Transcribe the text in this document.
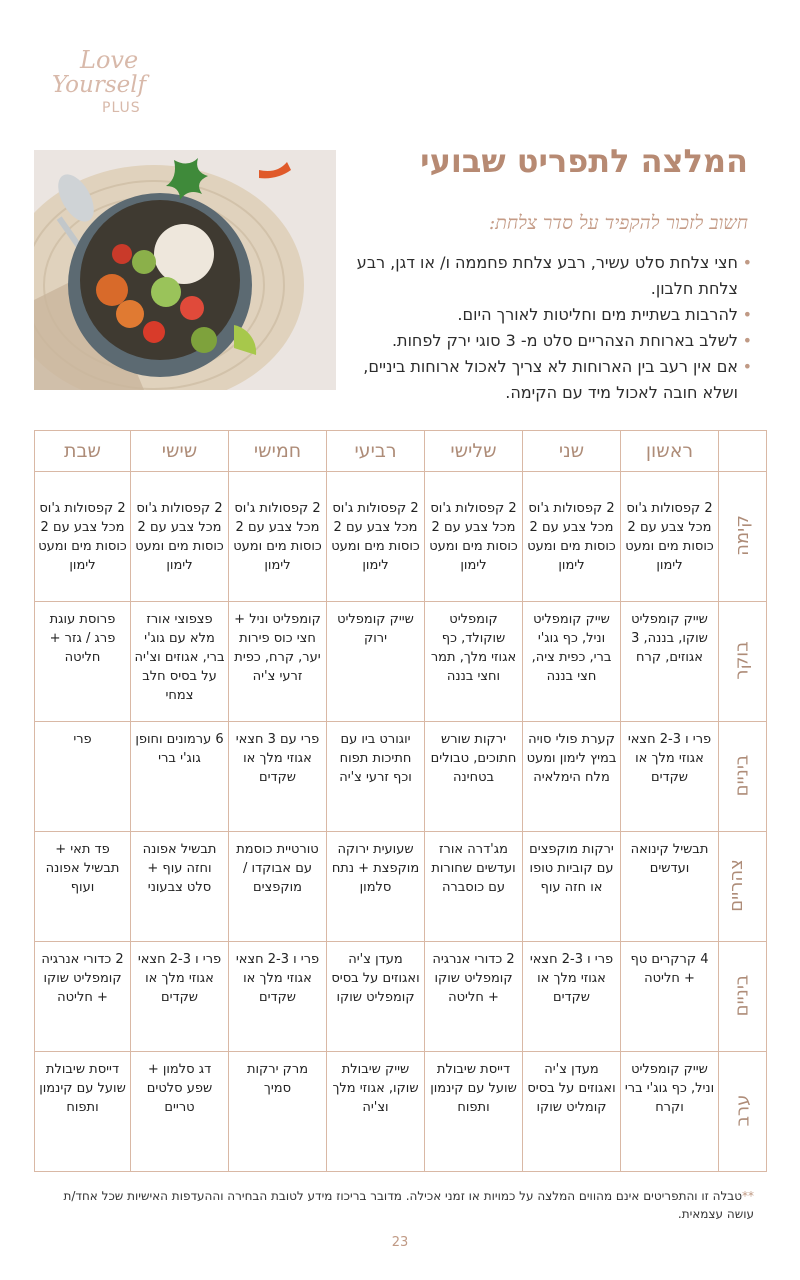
Love
Yourself
PLUS
המלצה לתפריט שבועי
חשוב לזכור להקפיד על סדר צלחת:
• חצי צלחת סלט עשיר, רבע צלחת פחממה ו/ או דגן, רבע צלחת חלבון.
• להרבות בשתיית מים וחליטות לאורך היום.
• לשלב בארוחת הצהריים סלט מ- 3 סוגי ירק לפחות.
• אם אין רעב בין הארוחות לא צריך לאכול ארוחות ביניים, ושלא חובה לאכול מיד עם הקימה.
	ראשון	שני	שלישי	רביעי	חמישי	שישי	שבת
קימה	2 קפסולות ג'וס מכל צבע עם 2 כוסות מים ומעט לימון	2 קפסולות ג'וס מכל צבע עם 2 כוסות מים ומעט לימון	2 קפסולות ג'וס מכל צבע עם 2 כוסות מים ומעט לימון	2 קפסולות ג'וס מכל צבע עם 2 כוסות מים ומעט לימון	2 קפסולות ג'וס מכל צבע עם 2 כוסות מים ומעט לימון	2 קפסולות ג'וס מכל צבע עם 2 כוסות מים ומעט לימון	2 קפסולות ג'וס מכל צבע עם 2 כוסות מים ומעט לימון
בוקר	שייק קומפליט שוקו, בננה, 3 אגוזים, קרח	שייק קומפליט וניל, כף גוג'י ברי, כפית ציה, חצי בננה	קומפליט שוקולד, כף אגוזי מלך, תמר וחצי בננה	שייק קומפליט ירוק	קומפליט וניל + חצי כוס פירות יער, קרח, כפית זרעי צ'יה	פצפוצי אורז מלא עם גוג'י ברי, אגוזים וצ'יה על בסיס חלב צמחי	פרוסת עוגת פרג / גזר + חליטה
ביניים	פרי ו 2-3 חצאי אגוזי מלך או שקדים	קערת פולי סויה במיץ לימון ומעט מלח הימלאיה	ירקות שורש חתוכים, טבולים בטחינה	יוגורט ביו עם חתיכות תפוח וכף זרעי צ'יה	פרי עם 3 חצאי אגוזי מלך או שקדים	6 ערמונים וחופן גוג'י ברי	פרי
צהריים	תבשיל קינואה ועדשים	ירקות מוקפצים עם קוביות טופו או חזה עוף	מג'דרה אורז ועדשים שחורות עם כוסברה	שעועית ירוקה מוקפצת + נתח סלמון	טורטיית כוסמת עם אבוקדו / מוקפצים	תבשיל אפונה וחזה עוף + סלט צבעוני	פד תאי + תבשיל אפונה ועוף
ביניים	4 קרקרים טף + חליטה	פרי ו 2-3 חצאי אגוזי מלך או שקדים	2 כדורי אנרגיה קומפליט שוקו + חליטה	מעדן צ'יה ואגוזים על בסיס קומפליט שוקו	פרי ו 2-3 חצאי אגוזי מלך או שקדים	פרי ו 2-3 חצאי אגוזי מלך או שקדים	2 כדורי אנרגיה קומפליט שוקו + חליטה
ערב	שייק קומפליט וניל, כף גוג'י ברי וקרח	מעדן צ'יה ואגוזים על בסיס קומליט שוקו	דייסת שיבולת שועל עם קינמון ותפוח	שייק שיבולת שוקו, אגוזי מלך וצ'יה	מרק ירקות סמיך	דג סלמון + שפע סלטים טריים	דייסת שיבולת שועל עם קינמון ותפוח
**טבלה זו והתפריטים אינם מהווים המלצה על כמויות או זמני אכילה. מדובר בריכוז מידע לטובת הבחירה וההעדפות האישיות שכל אחד/ת עושה עצמאית.
23
